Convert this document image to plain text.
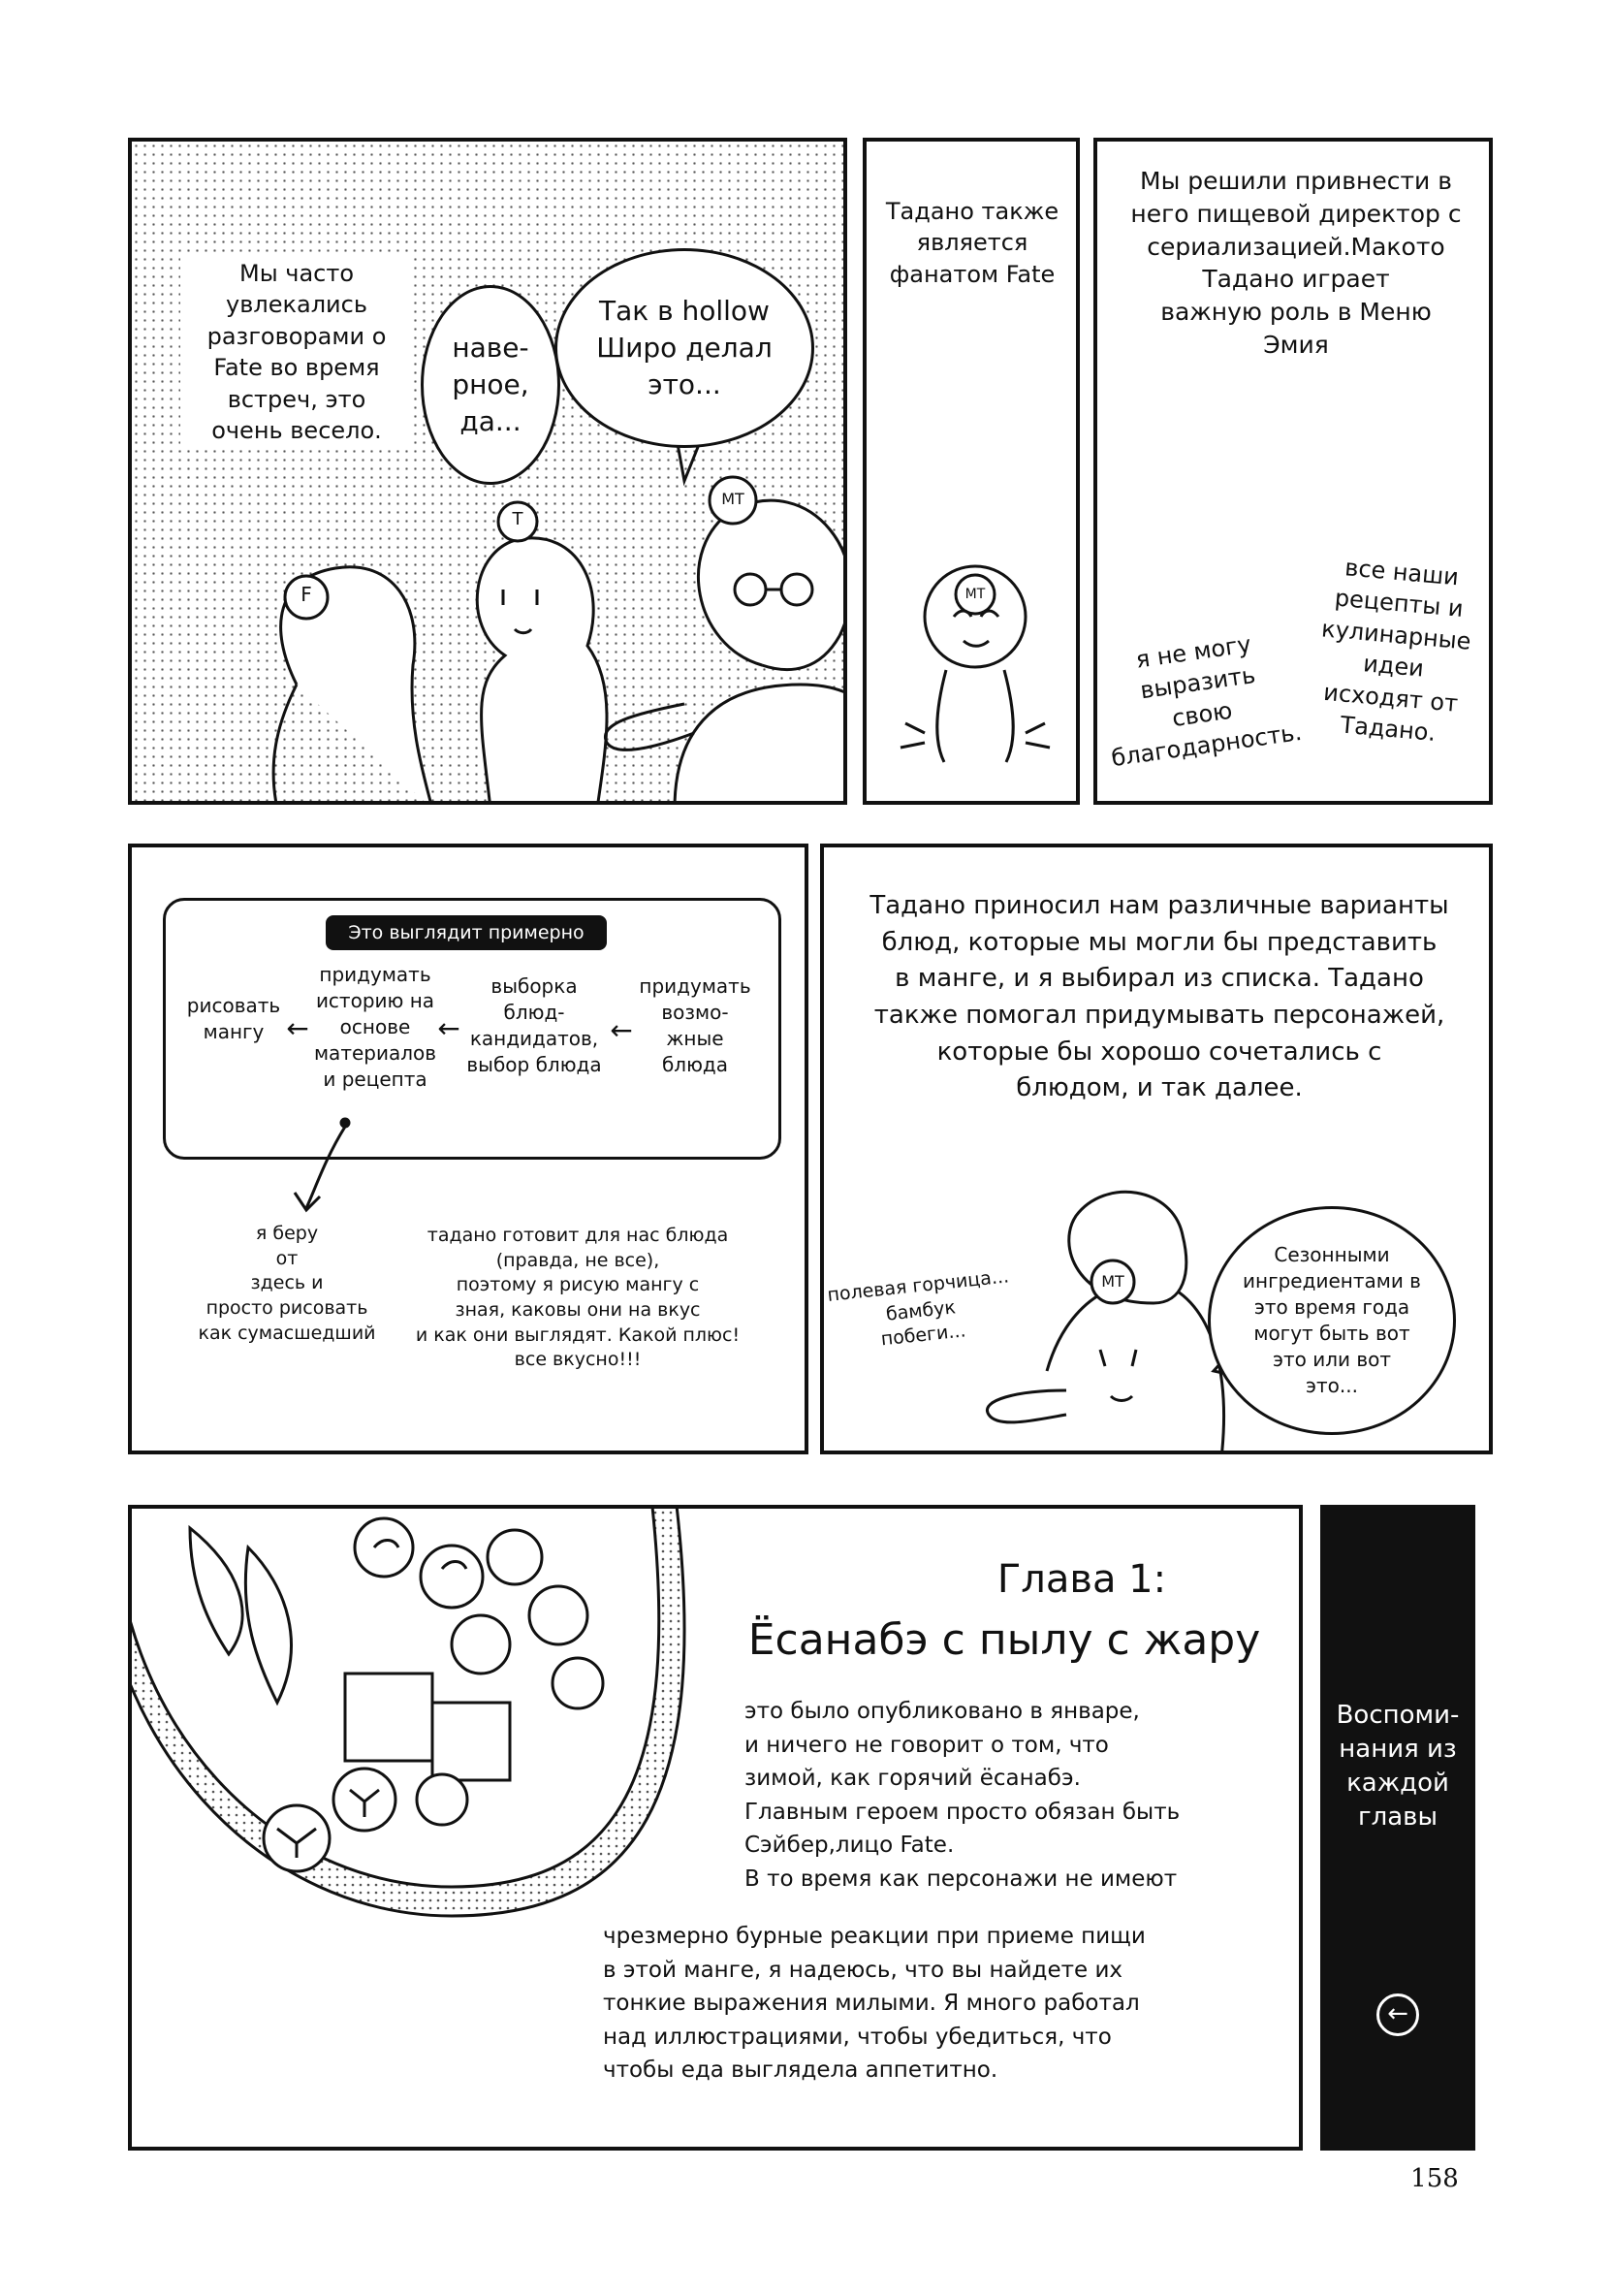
Мы часто
увлекались
разговорами о
Fate во время
встреч, это
очень весело.
наве-
рное,
да...
Так в hollow
Широ делал
это...
F
T
MT
Тадано также
является
фанатом Fate
MT
Мы решили привнести в
него пищевой директор с
сериализацией.Макото
Тадано играет
важную роль в Меню
Эмия
я не могу
выразить
свою
благодарность.
все наши
рецепты и
кулинарные
идеи
исходят от
Тадано.
Это выглядит примерно
рисовать
мангу ←
придумать
историю на
основе
материалов
и рецепта
←
выборка
блюд-
кандидатов,
выбор блюда
←
придумать
возмо-
жные
блюда
я беру
от
здесь и
просто рисовать
как сумасшедший
тадано готовит для нас блюда
(правда, не все),
поэтому я рисую мангу с
зная, каковы они на вкус
и как они выглядят. Какой плюс!
все вкусно!!!
Тадано приносил нам различные варианты
блюд, которые мы могли бы представить
в манге, и я выбирал из списка. Тадано
также помогал придумывать персонажей,
которые бы хорошо сочетались с
блюдом, и так далее.
MT
полевая горчица...
бамбук
побеги...
Сезонными
ингредиентами в
это время года
могут быть вот
это или вот
это...
Глава 1:
Ёсанабэ с пылу с жару
это было опубликовано в январе,
и ничего не говорит о том, что
зимой, как горячий ёсанабэ.
Главным героем просто обязан быть
Сэйбер,лицо Fate.
В то время как персонажи не имеют
чрезмерно бурные реакции при приеме пищи
в этой манге, я надеюсь, что вы найдете их
тонкие выражения милыми. Я много работал
над иллюстрациями, чтобы убедиться, что
чтобы еда выглядела аппетитно.
Воспоми-
нания из
каждой
главы
←
158
